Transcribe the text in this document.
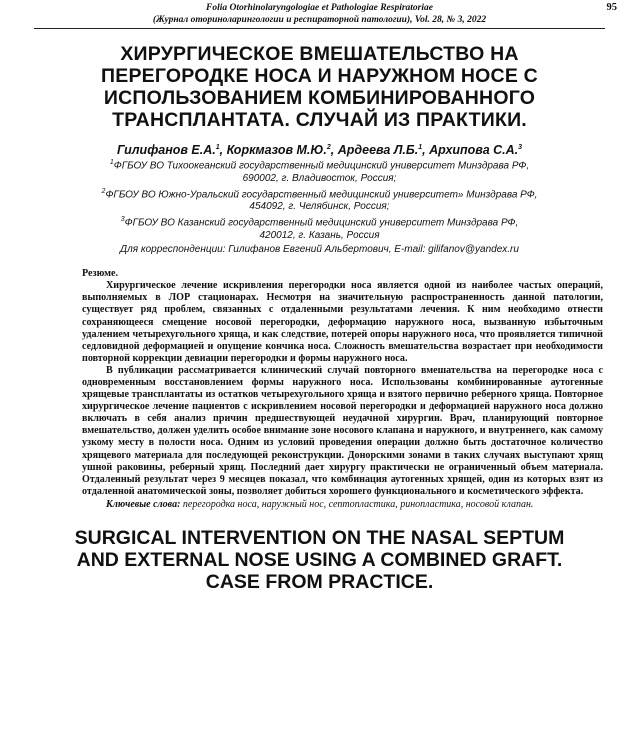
Folia Otorhinolaryngologiae et Pathologiae Respiratoriae
(Журнал оториноларингологии и респираторной патологии), Vol. 28, № 3, 2022
95
ХИРУРГИЧЕСКОЕ ВМЕШАТЕЛЬСТВО НА
ПЕРЕГОРОДКЕ НОСА И НАРУЖНОМ НОСЕ С
ИСПОЛЬЗОВАНИЕМ КОМБИНИРОВАННОГО
ТРАНСПЛАНТАТА. СЛУЧАЙ ИЗ ПРАКТИКИ.
Гилифанов Е.А.$^1$, Коркмазов М.Ю.$^2$, Ардеева Л.Б.$^1$, Архипова С.А.$^3$
$^1$ФГБОУ ВО Тихоокеанский государственный медицинский университет Минздрава РФ,
690002, г. Владивосток, Россия;
$^2$ФГБОУ ВО Южно-Уральский государственный медицинский университет» Минздрава РФ,
454092, г. Челябинск, Россия;
$^3$ФГБОУ ВО Казанский государственный медицинский университет Минздрава РФ,
420012, г. Казань, Россия
Для корреспонденции: Гилифанов Евгений Альбертович, E-mail: gilifanov@yandex.ru
Резюме.

Хирургическое лечение искривления перегородки носа является одной из наиболее частых операций, выполняемых в ЛОР стационарах. Несмотря на значительную распространенность данной патологии, существует ряд проблем, связанных с отдаленными результатами лечения. К ним необходимо отнести сохраняющееся смещение носовой перегородки, деформацию наружного носа, вызванную избыточным удалением четырехугольного хряща, и как следствие, потерей опоры наружного носа, что проявляется типичной седловидной деформацией и опущение кончика носа. Сложность вмешательства возрастает при необходимости повторной коррекции девиации перегородки и формы наружного носа.

В публикации рассматривается клинический случай повторного вмешательства на перегородке носа с одновременным восстановлением формы наружного носа. Использованы комбинированные аутогенные хрящевые трансплантаты из остатков четырехугольного хряща и взятого первично реберного хряща. Повторное хирургическое лечение пациентов с искривлением носовой перегородки и деформацией наружного носа должно включать в себя анализ причин предшествующей неудачной хирургии. Врач, планирующий повторное вмешательство, должен уделить особое внимание зоне носового клапана и наружного, и внутреннего, как самому узкому месту в полости носа. Одним из условий проведения операции должно быть достаточное количество хрящевого материала для последующей реконструкции. Донорскими зонами в таких случаях выступают хрящ ушной раковины, реберный хрящ. Последний дает хирургу практически не ограниченный объем материала. Отдаленный результат через 9 месяцев показал, что комбинация аутогенных хрящей, один из которых взят из отдаленной анатомической зоны, позволяет добиться хорошего функционального и косметического эффекта.

Ключевые слова: перегородка носа, наружный нос, септопластика, ринопластика, носовой клапан.
SURGICAL INTERVENTION ON THE NASAL SEPTUM
AND EXTERNAL NOSE USING A COMBINED GRAFT.
CASE FROM PRACTICE.
